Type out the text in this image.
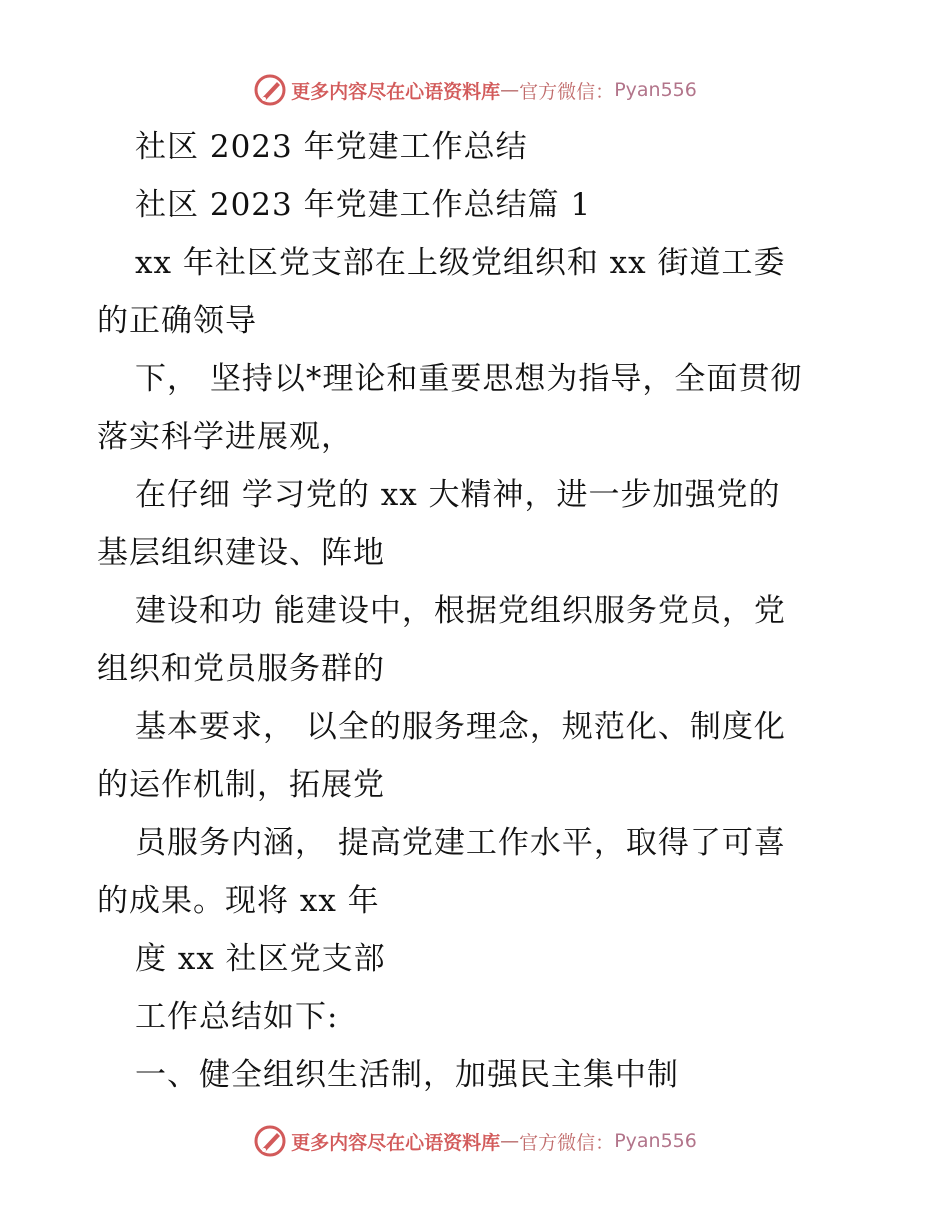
更多内容尽在心语资料库 — 官方微信： Pyan556
社区 2023 年党建工作总结
社区 2023 年党建工作总结篇 1
xx 年社区党支部在上级党组织和 xx 街道工委
的正确领导
下， 坚持以*理论和重要思想为指导，全面贯彻
落实科学进展观，
在仔细 学习党的 xx 大精神，进一步加强党的
基层组织建设、阵地
建设和功 能建设中，根据党组织服务党员，党
组织和党员服务群的
基本要求， 以全的服务理念，规范化、制度化
的运作机制，拓展党
员服务内涵， 提高党建工作水平，取得了可喜
的成果。现将 xx 年
度 xx 社区党支部
工作总结如下:
一、健全组织生活制，加强民主集中制
更多内容尽在心语资料库 — 官方微信： Pyan556
